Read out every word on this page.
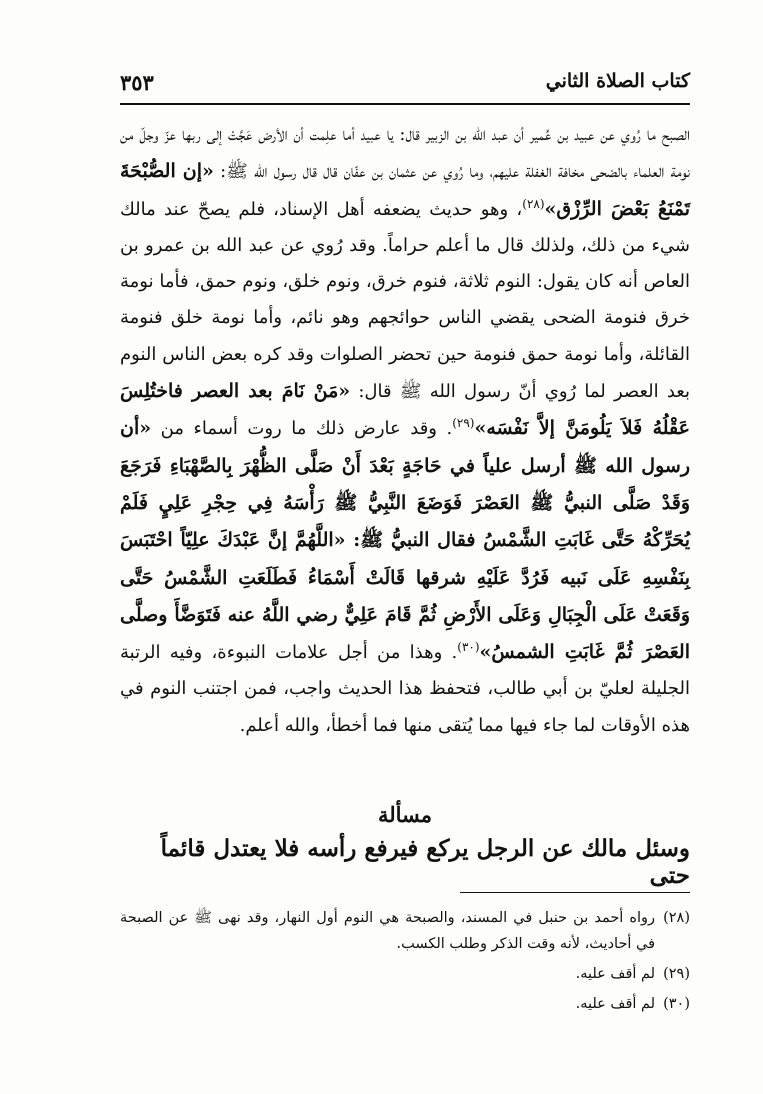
كتاب الصلاة الثاني
٣٥٣

الصبح ما رُوي عن عبيد بن عُمير أن عبد الله بن الزبير قال: يا عبيد أما علِمت أن الأرض عَجَّتْ إلى ربها عزّ وجلّ من نومة العلماء بالضحى مخافة الغفلة عليهم، وما رُوي عن عثمان بن عفّان قال قال رسول الله ﷺ: «إن الصُّبْحَةَ تَمْنَعُ بَعْضَ الرِّزْق»$^{(٢٨)}$، وهو حديث يضعفه أهل الإسناد، فلم يصحّ عند مالك شيء من ذلك، ولذلك قال ما أعلم حراماً. وقد رُوي عن عبد الله بن عمرو بن العاص أنه كان يقول: النوم ثلاثة، فنوم خرق، ونوم خلق، ونوم حمق، فأما نومة خرق فنومة الضحى يقضي الناس حوائجهم وهو نائم، وأما نومة خلق فنومة القائلة، وأما نومة حمق فنومة حين تحضر الصلوات وقد كره بعض الناس النوم بعد العصر لما رُوي أنّ رسول الله ﷺ قال: «مَنْ نَامَ بعد العصر فاختُلِسَ عَقْلُهُ فَلاَ يَلُومَنَّ إلاَّ نَفْسَه»$^{(٢٩)}$. وقد عارض ذلك ما روت أسماء من «أن رسول الله ﷺ أرسل علياً في حَاجَةٍ بَعْدَ أَنْ صَلَّى الظُّهْرَ بِالصَّهْبَاءِ فَرَجَعَ وَقَدْ صَلَّى النبيُّ ﷺ العَصْرَ فَوَضَعَ النَّبِيُّ ﷺ رَأْسَهُ فِي حِجْرِ عَلِيٍ فَلَمْ يُحَرِّكْهُ حَتَّى غَابَتِ الشَّمْسُ فقال النبيُّ ﷺ: «اللَّهُمَّ إنَّ عَبْدَكَ علِيّاً احْتَبَسَ بِنَفْسِهِ عَلَى نَبيه فَرُدَّ عَلَيْهِ شرقها قَالَتْ أَسْمَاءُ فَطَلَعَتِ الشَّمْسُ حَتَّى وَقَعَتْ عَلَى الْجِبَالِ وَعَلَى الأَرْضِ ثُمَّ قَامَ عَلِيٌّ رضي اللَّهُ عنه فَتَوَضَّأَ وصلَّى العَصْرَ ثُمَّ غَابَتِ الشمسُ»$^{(٣٠)}$. وهذا من أجل علامات النبوءة، وفيه الرتبة الجليلة لعليّ بن أبي طالب، فتحفظ هذا الحديث واجب، فمن اجتنب النوم في هذه الأوقات لما جاء فيها مما يُتقى منها فما أخطأ، والله أعلم.

مسألة
وسئل مالك عن الرجل يركع فيرفع رأسه فلا يعتدل قائماً حتى
(٢٨)
رواه أحمد بن حنبل في المسند، والصبحة هي النوم أول النهار، وقد نهى ﷺ عن الصبحة في أحاديث، لأنه وقت الذكر وطلب الكسب.
(٢٩)
لم أقف عليه.
(٣٠)
لم أقف عليه.
